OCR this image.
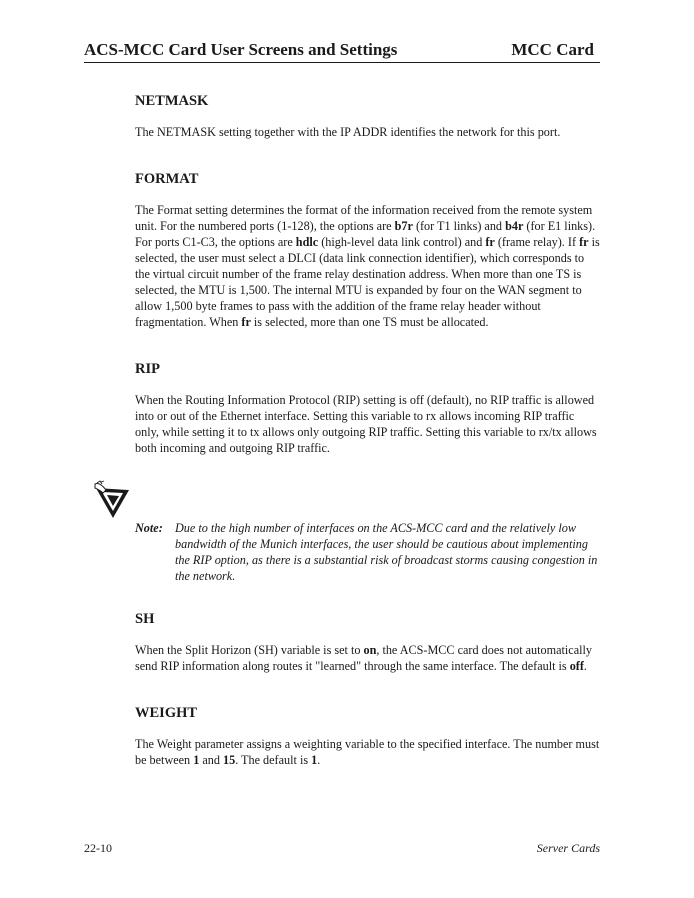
ACS-MCC Card User Screens and Settings	MCC Card
NETMASK

The NETMASK setting together with the IP ADDR identifies the network for this port.

FORMAT

The Format setting determines the format of the information received from the remote system unit. For the numbered ports (1-128), the options are b7r (for T1 links) and b4r (for E1 links). For ports C1-C3, the options are hdlc (high-level data link control) and fr (frame relay). If fr is selected, the user must select a DLCI (data link connection identifier), which corresponds to the virtual circuit number of the frame relay destination address. When more than one TS is selected, the MTU is 1,500. The internal MTU is expanded by four on the WAN segment to allow 1,500 byte frames to pass with the addition of the frame relay header without fragmentation. When fr is selected, more than one TS must be allocated.

RIP

When the Routing Information Protocol (RIP) setting is off (default), no RIP traffic is allowed into or out of the Ethernet interface. Setting this variable to rx allows incoming RIP traffic only, while setting it to tx allows only outgoing RIP traffic. Setting this variable to rx/tx allows both incoming and outgoing RIP traffic.

Note:	Due to the high number of interfaces on the ACS-MCC card and the relatively low bandwidth of the Munich interfaces, the user should be cautious about implementing the RIP option, as there is a substantial risk of broadcast storms causing congestion in the network.
SH

When the Split Horizon (SH) variable is set to on, the ACS-MCC card does not automatically send RIP information along routes it "learned" through the same interface. The default is off.

WEIGHT

The Weight parameter assigns a weighting variable to the specified interface. The number must be between 1 and 15. The default is 1.

22-10	Server Cards
